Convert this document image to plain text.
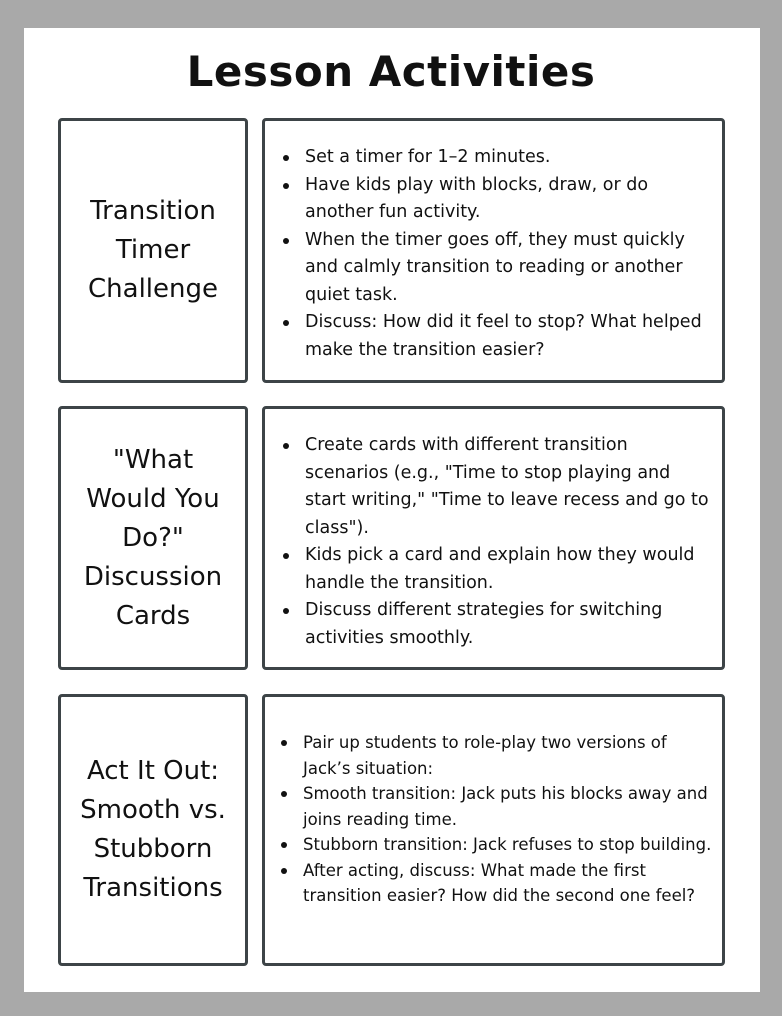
Lesson Activities
Transition Timer Challenge
Set a timer for 1–2 minutes.
Have kids play with blocks, draw, or do another fun activity.
When the timer goes off, they must quickly and calmly transition to reading or another quiet task.
Discuss: How did it feel to stop? What helped make the transition easier?
"What Would You Do?" Discussion Cards
Create cards with different transition scenarios (e.g., "Time to stop playing and start writing," "Time to leave recess and go to class").
Kids pick a card and explain how they would handle the transition.
Discuss different strategies for switching activities smoothly.
Act It Out: Smooth vs. Stubborn Transitions
Pair up students to role-play two versions of Jack’s situation:
Smooth transition: Jack puts his blocks away and joins reading time.
Stubborn transition: Jack refuses to stop building.
After acting, discuss: What made the first transition easier? How did the second one feel?
